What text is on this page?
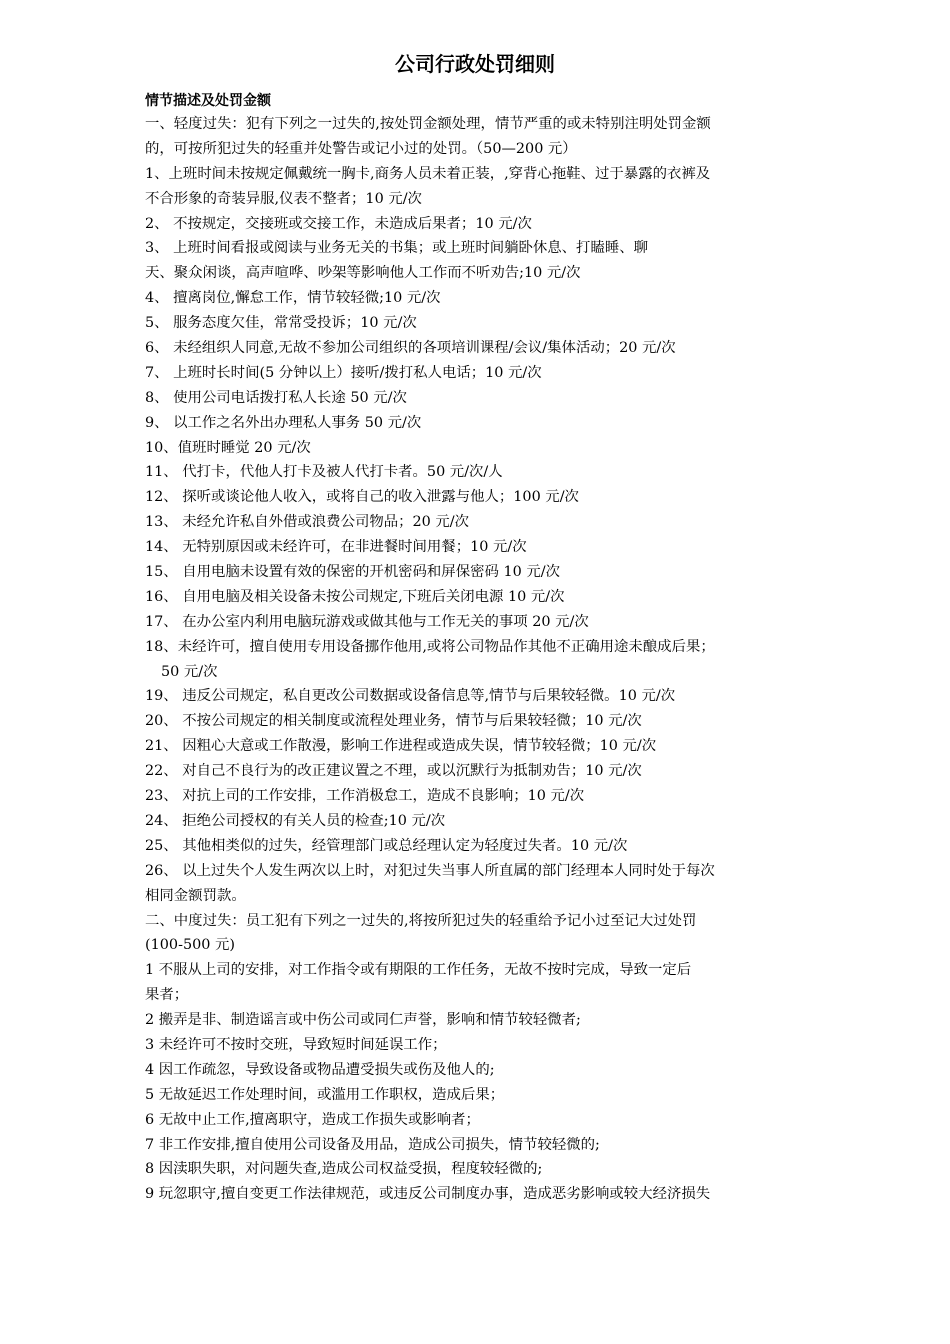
公司行政处罚细则
情节描述及处罚金额
一、轻度过失：犯有下列之一过失的,按处罚金额处理，情节严重的或未特别注明处罚金额
的，可按所犯过失的轻重并处警告或记小过的处罚。（50—200 元）
1、上班时间未按规定佩戴统一胸卡,商务人员未着正装，,穿背心拖鞋、过于暴露的衣裤及
不合形象的奇装异服,仪表不整者；10 元/次
2、 不按规定，交接班或交接工作，未造成后果者；10 元/次
3、 上班时间看报或阅读与业务无关的书集；或上班时间躺卧休息、打瞌睡、聊
天、聚众闲谈，高声喧哗、吵架等影响他人工作而不听劝告;10 元/次
4、 擅离岗位,懈怠工作，情节较轻微;10 元/次
5、 服务态度欠佳，常常受投诉；10 元/次
6、 未经组织人同意,无故不参加公司组织的各项培训课程/会议/集体活动；20 元/次
7、 上班时长时间(5 分钟以上）接听/拨打私人电话；10 元/次
8、 使用公司电话拨打私人长途 50 元/次
9、 以工作之名外出办理私人事务 50 元/次
10、值班时睡觉 20 元/次
11、 代打卡，代他人打卡及被人代打卡者。50 元/次/人
12、 探听或谈论他人收入，或将自己的收入泄露与他人；100 元/次
13、 未经允许私自外借或浪费公司物品；20 元/次
14、 无特别原因或未经许可，在非进餐时间用餐；10 元/次
15、 自用电脑未设置有效的保密的开机密码和屏保密码 10 元/次
16、 自用电脑及相关设备未按公司规定,下班后关闭电源 10 元/次
17、 在办公室内利用电脑玩游戏或做其他与工作无关的事项 20 元/次
18、未经许可，擅自使用专用设备挪作他用,或将公司物品作其他不正确用途未酿成后果；
50 元/次
19、 违反公司规定，私自更改公司数据或设备信息等,情节与后果较轻微。10 元/次
20、 不按公司规定的相关制度或流程处理业务，情节与后果较轻微；10 元/次
21、 因粗心大意或工作散漫，影响工作进程或造成失误，情节较轻微；10 元/次
22、 对自己不良行为的改正建议置之不理，或以沉默行为抵制劝告；10 元/次
23、 对抗上司的工作安排，工作消极怠工，造成不良影响；10 元/次
24、 拒绝公司授权的有关人员的检查;10 元/次
25、 其他相类似的过失，经管理部门或总经理认定为轻度过失者。10 元/次
26、 以上过失个人发生两次以上时，对犯过失当事人所直属的部门经理本人同时处于每次
相同金额罚款。
二、中度过失：员工犯有下列之一过失的,将按所犯过失的轻重给予记小过至记大过处罚
(100-500 元)
1 不服从上司的安排，对工作指令或有期限的工作任务，无故不按时完成，导致一定后
果者；
2 搬弄是非、制造谣言或中伤公司或同仁声誉，影响和情节较轻微者;
3 未经许可不按时交班，导致短时间延误工作；
4 因工作疏忽，导致设备或物品遭受损失或伤及他人的;
5 无故延迟工作处理时间，或滥用工作职权，造成后果；
6 无故中止工作,擅离职守，造成工作损失或影响者；
7 非工作安排,擅自使用公司设备及用品，造成公司损失，情节较轻微的;
8 因渎职失职，对问题失查,造成公司权益受损，程度较轻微的;
9 玩忽职守,擅自变更工作法律规范，或违反公司制度办事，造成恶劣影响或较大经济损失
